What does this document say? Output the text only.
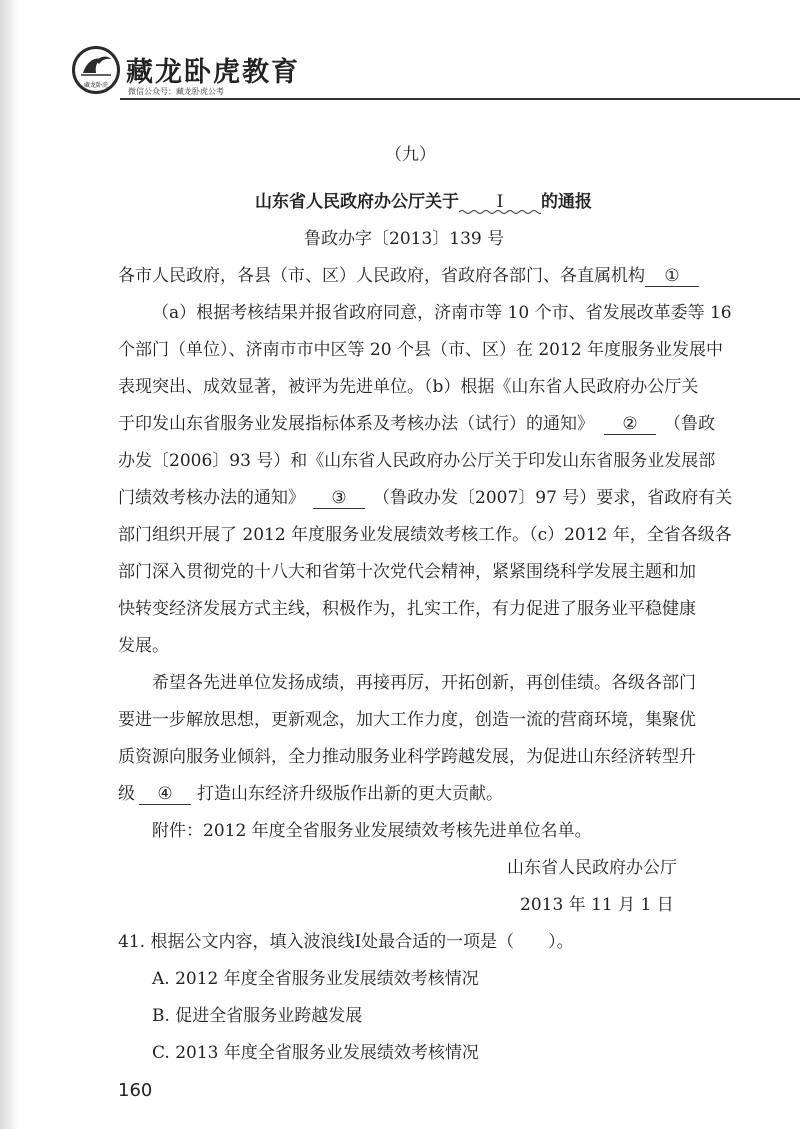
藏龙卧虎 藏龙卧虎教育
微信公众号：藏龙卧虎公考
（九）
山东省人民政府办公厅关于 I 的通报
鲁政办字〔2013〕139 号
各市人民政府，各县（市、区）人民政府，省政府各部门、各直属机构 ①
（a）根据考核结果并报省政府同意，济南市等 10 个市、省发展改革委等 16
个部门（单位）、济南市市中区等 20 个县（市、区）在 2012 年度服务业发展中
表现突出、成效显著，被评为先进单位。（b）根据《山东省人民政府办公厅关
于印发山东省服务业发展指标体系及考核办法（试行）的通知》 ② （鲁政
办发〔2006〕93 号）和《山东省人民政府办公厅关于印发山东省服务业发展部
门绩效考核办法的通知》 ③ （鲁政办发〔2007〕97 号）要求，省政府有关
部门组织开展了 2012 年度服务业发展绩效考核工作。（c）2012 年，全省各级各
部门深入贯彻党的十八大和省第十次党代会精神，紧紧围绕科学发展主题和加
快转变经济发展方式主线，积极作为，扎实工作，有力促进了服务业平稳健康
发展。
希望各先进单位发扬成绩，再接再厉，开拓创新，再创佳绩。各级各部门
要进一步解放思想，更新观念，加大工作力度，创造一流的营商环境，集聚优
质资源向服务业倾斜，全力推动服务业科学跨越发展，为促进山东经济转型升
级 ④ 打造山东经济升级版作出新的更大贡献。
附件：2012 年度全省服务业发展绩效考核先进单位名单。
山东省人民政府办公厅
2013 年 11 月 1 日
41. 根据公文内容，填入波浪线Ⅰ处最合适的一项是（　　）。
A. 2012 年度全省服务业发展绩效考核情况
B. 促进全省服务业跨越发展
C. 2013 年度全省服务业发展绩效考核情况
160
